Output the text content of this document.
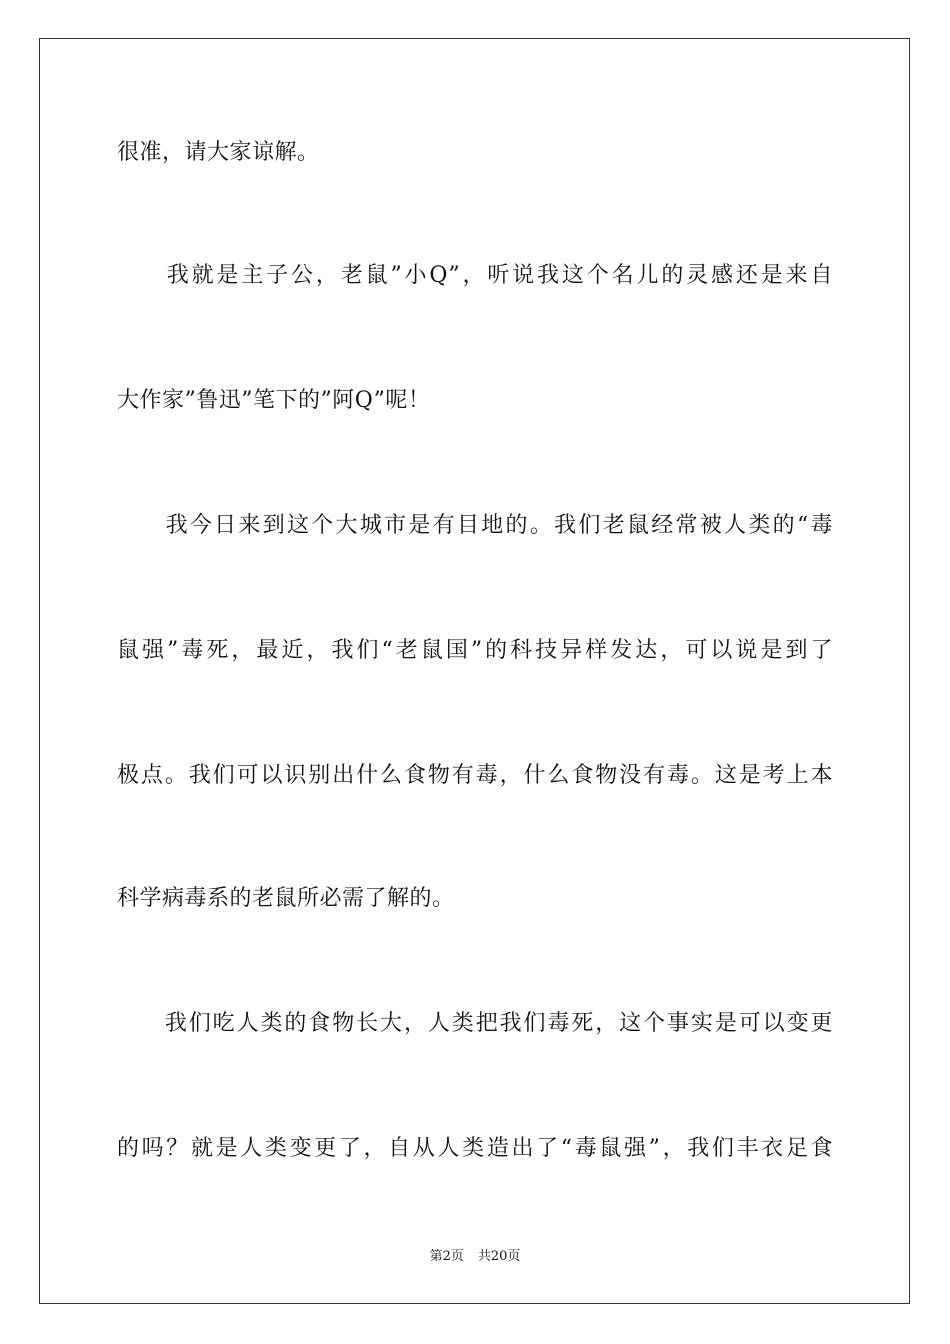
很准，请大家谅解。
　　我就是主子公，老鼠”小Q”，听说我这个名儿的灵感还是来自
大作家”鲁迅”笔下的”阿Q”呢！
　　我今日来到这个大城市是有目地的。我们老鼠经常被人类的“毒
鼠强”毒死，最近，我们“老鼠国”的科技异样发达，可以说是到了
极点。我们可以识别出什么食物有毒，什么食物没有毒。这是考上本
科学病毒系的老鼠所必需了解的。
　　我们吃人类的食物长大，人类把我们毒死，这个事实是可以变更
的吗？就是人类变更了，自从人类造出了“毒鼠强”，我们丰衣足食
第2页 共20页
